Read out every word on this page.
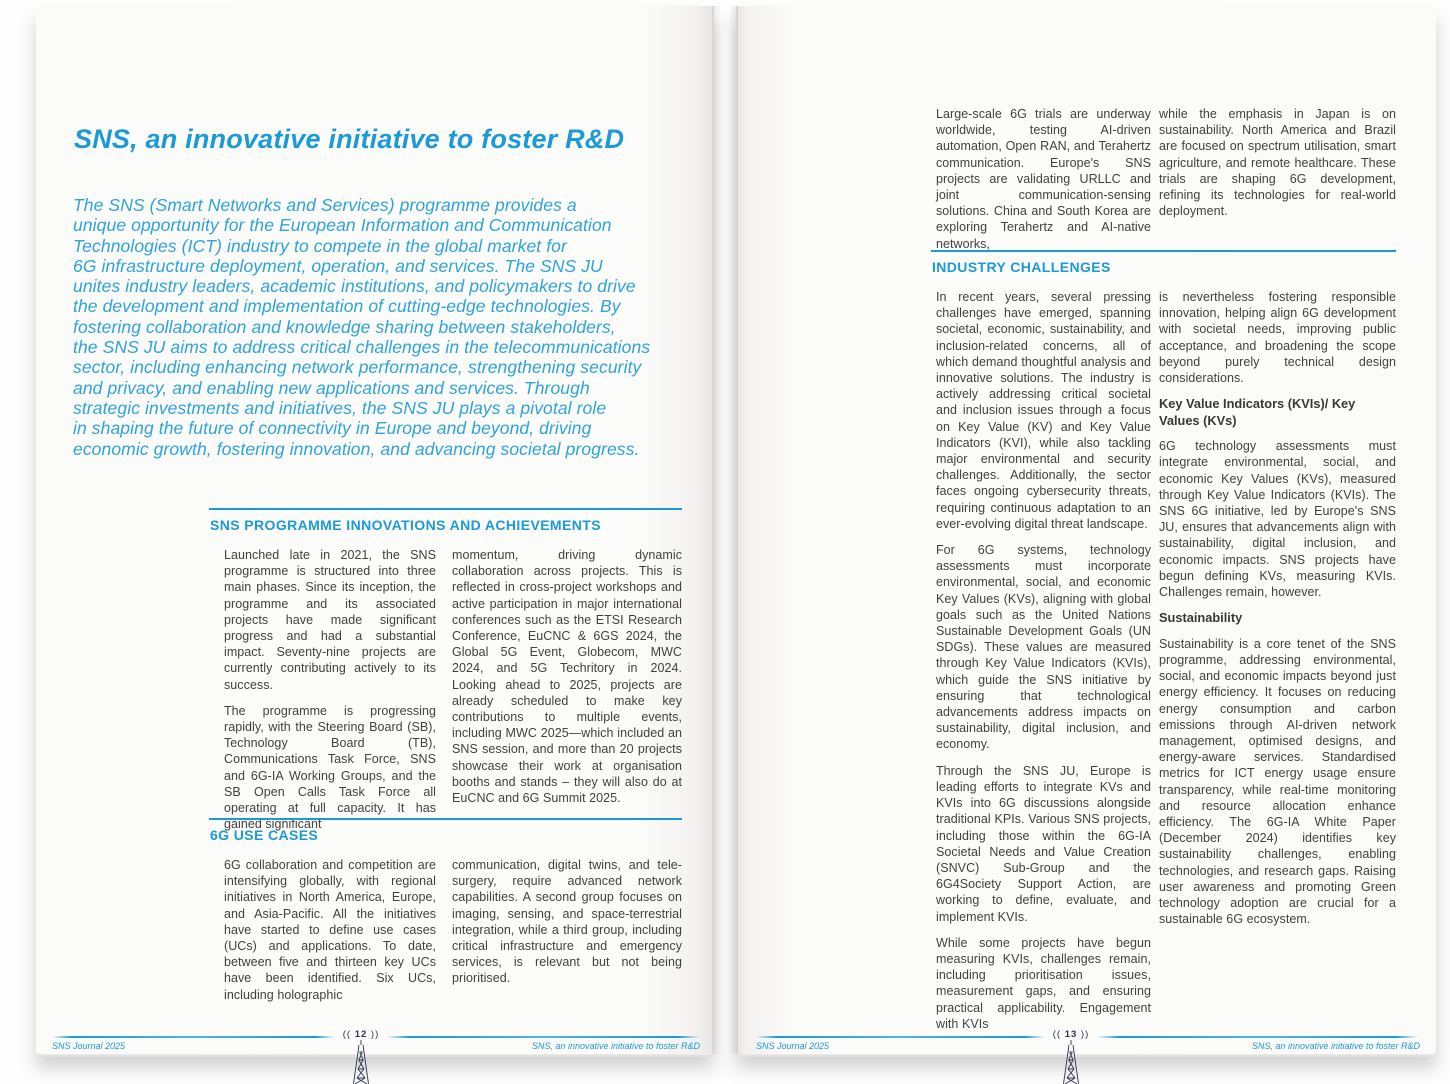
SNS, an innovative initiative to foster R&D
The SNS (Smart Networks and Services) programme provides a
unique opportunity for the European Information and Communication
Technologies (ICT) industry to compete in the global market for
6G infrastructure deployment, operation, and services. The SNS JU
unites industry leaders, academic institutions, and policymakers to drive
the development and implementation of cutting-edge technologies. By
fostering collaboration and knowledge sharing between stakeholders,
the SNS JU aims to address critical challenges in the telecommunications
sector, including enhancing network performance, strengthening security
and privacy, and enabling new applications and services. Through
strategic investments and initiatives, the SNS JU plays a pivotal role
in shaping the future of connectivity in Europe and beyond, driving
economic growth, fostering innovation, and advancing societal progress.
SNS PROGRAMME INNOVATIONS AND ACHIEVEMENTS

Launched late in 2021, the SNS programme is structured into three main phases. Since its inception, the programme and its associated projects have made significant progress and had a substantial impact. Seventy-nine projects are currently contributing actively to its success.

The programme is progressing rapidly, with the Steering Board (SB), Technology Board (TB), Communications Task Force, SNS and 6G-IA Working Groups, and the SB Open Calls Task Force all operating at full capacity. It has gained significant

momentum, driving dynamic collaboration across projects. This is reflected in cross-project workshops and active participation in major international conferences such as the ETSI Research Conference, EuCNC & 6GS 2024, the Global 5G Event, Globecom, MWC 2024, and 5G Techritory in 2024. Looking ahead to 2025, projects are already scheduled to make key contributions to multiple events, including MWC 2025—which included an SNS session, and more than 20 projects showcase their work at organisation booths and stands – they will also do at EuCNC and 6G Summit 2025.

6G USE CASES

6G collaboration and competition are intensifying globally, with regional initiatives in North America, Europe, and Asia-Pacific. All the initiatives have started to define use cases (UCs) and applications. To date, between five and thirteen key UCs have been identified. Six UCs, including holographic

communication, digital twins, and tele-surgery, require advanced network capabilities. A second group focuses on imaging, sensing, and space-terrestrial integration, while a third group, including critical infrastructure and emergency services, is relevant but not being prioritised.

SNS Journal 2025	SNS, an innovative initiative to foster R&D
(( 12 ))

Large-scale 6G trials are underway worldwide, testing AI-driven automation, Open RAN, and Terahertz communication. Europe's SNS projects are validating URLLC and joint communication-sensing solutions. China and South Korea are exploring Terahertz and AI-native networks,

while the emphasis in Japan is on sustainability. North America and Brazil are focused on spectrum utilisation, smart agriculture, and remote healthcare. These trials are shaping 6G development, refining its technologies for real-world deployment.

INDUSTRY CHALLENGES

In recent years, several pressing challenges have emerged, spanning societal, economic, sustainability, and inclusion-related concerns, all of which demand thoughtful analysis and innovative solutions. The industry is actively addressing critical societal and inclusion issues through a focus on Key Value (KV) and Key Value Indicators (KVI), while also tackling major environmental and security challenges. Additionally, the sector faces ongoing cybersecurity threats, requiring continuous adaptation to an ever-evolving digital threat landscape.

For 6G systems, technology assessments must incorporate environmental, social, and economic Key Values (KVs), aligning with global goals such as the United Nations Sustainable Development Goals (UN SDGs). These values are measured through Key Value Indicators (KVIs), which guide the SNS initiative by ensuring that technological advancements address impacts on sustainability, digital inclusion, and economy.

Through the SNS JU, Europe is leading efforts to integrate KVs and KVIs into 6G discussions alongside traditional KPIs. Various SNS projects, including those within the 6G-IA Societal Needs and Value Creation (SNVC) Sub-Group and the 6G4Society Support Action, are working to define, evaluate, and implement KVIs.

While some projects have begun measuring KVIs, challenges remain, including prioritisation issues, measurement gaps, and ensuring practical applicability. Engagement with KVIs

is nevertheless fostering responsible innovation, helping align 6G development with societal needs, improving public acceptance, and broadening the scope beyond purely technical design considerations.

Key Value Indicators (KVIs)/ Key Values (KVs)

6G technology assessments must integrate environmental, social, and economic Key Values (KVs), measured through Key Value Indicators (KVIs). The SNS 6G initiative, led by Europe's SNS JU, ensures that advancements align with sustainability, digital inclusion, and economic impacts. SNS projects have begun defining KVs, measuring KVIs. Challenges remain, however.

Sustainability

Sustainability is a core tenet of the SNS programme, addressing environmental, social, and economic impacts beyond just energy efficiency. It focuses on reducing energy consumption and carbon emissions through AI-driven network management, optimised designs, and energy-aware services. Standardised metrics for ICT energy usage ensure transparency, while real-time monitoring and resource allocation enhance efficiency. The 6G-IA White Paper (December 2024) identifies key sustainability challenges, enabling technologies, and research gaps. Raising user awareness and promoting Green technology adoption are crucial for a sustainable 6G ecosystem.

SNS Journal 2025	SNS, an innovative initiative to foster R&D
(( 13 ))
